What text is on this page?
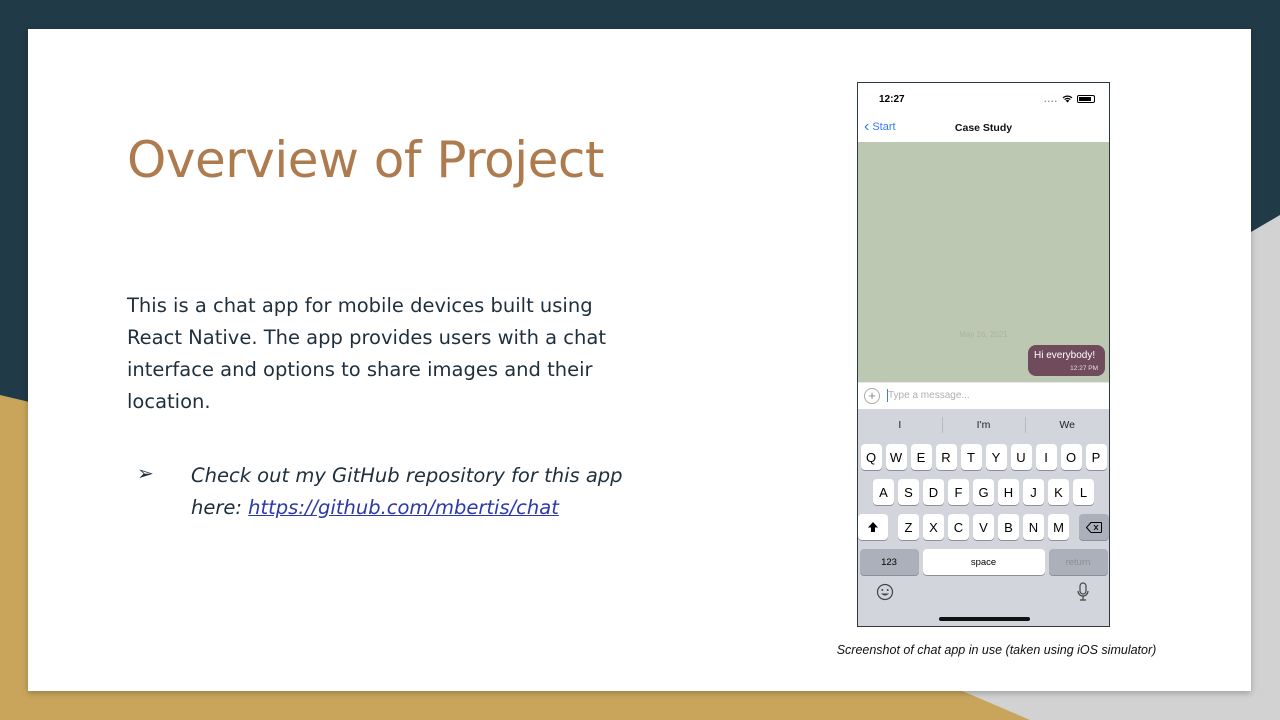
Overview of Project

This is a chat app for mobile devices built using React Native. The app provides users with a chat interface and options to share images and their location.

➢ Check out my GitHub repository for this app here: https://github.com/mbertis/chat

12:27	....
‹ Start	Case Study
May 16, 2021
Hi everybody!
12:27 PM
+
Type a message...
I	I'm	We
Q	W	E	R	T	Y	U	I	O	P
A	S	D	F	G	H	J	K	L
Z	X	C	V	B	N	M
123	space	return

Screenshot of chat app in use (taken using iOS simulator)
